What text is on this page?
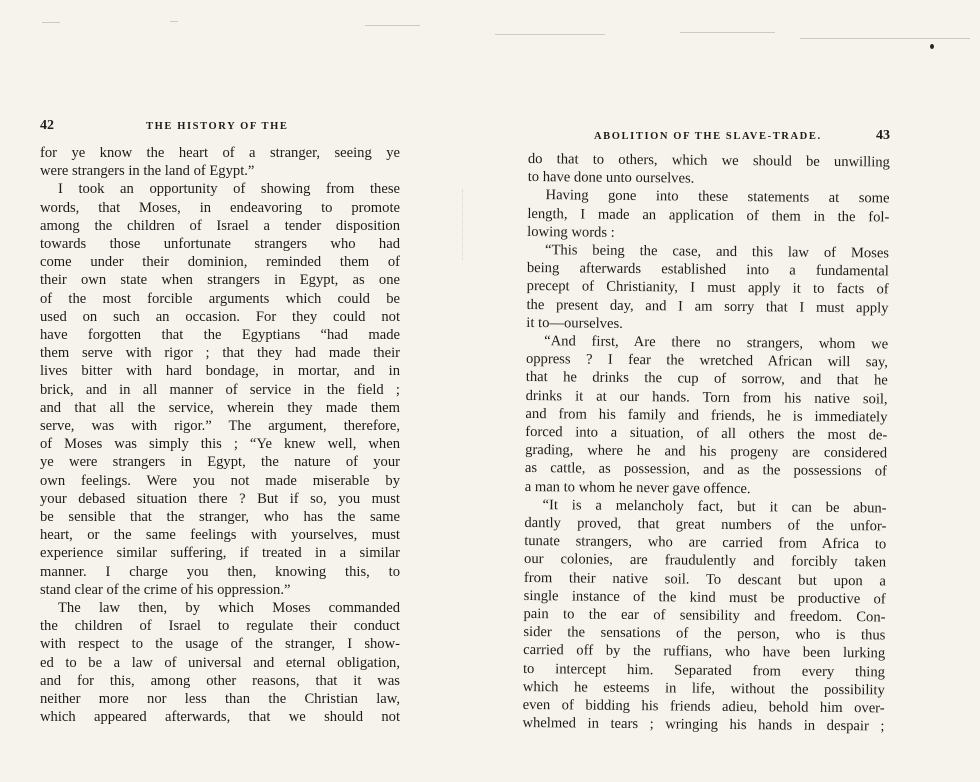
42	THE HISTORY OF THE
for ye know the heart of a stranger, seeing ye
were strangers in the land of Egypt.”
I took an opportunity of showing from these
words, that Moses, in endeavoring to promote
among the children of Israel a tender disposition
towards those unfortunate strangers who had
come under their dominion, reminded them of
their own state when strangers in Egypt, as one
of the most forcible arguments which could be
used on such an occasion. For they could not
have forgotten that the Egyptians “had made
them serve with rigor ; that they had made their
lives bitter with hard bondage, in mortar, and in
brick, and in all manner of service in the field ;
and that all the service, wherein they made them
serve, was with rigor.” The argument, therefore,
of Moses was simply this ; “Ye knew well, when
ye were strangers in Egypt, the nature of your
own feelings. Were you not made miserable by
your debased situation there ? But if so, you must
be sensible that the stranger, who has the same
heart, or the same feelings with yourselves, must
experience similar suffering, if treated in a similar
manner. I charge you then, knowing this, to
stand clear of the crime of his oppression.”
The law then, by which Moses commanded
the children of Israel to regulate their conduct
with respect to the usage of the stranger, I show-
ed to be a law of universal and eternal obligation,
and for this, among other reasons, that it was
neither more nor less than the Christian law,
which appeared afterwards, that we should not
ABOLITION OF THE SLAVE-TRADE.	43
do that to others, which we should be unwilling
to have done unto ourselves.
Having gone into these statements at some
length, I made an application of them in the fol-
lowing words :
“This being the case, and this law of Moses
being afterwards established into a fundamental
precept of Christianity, I must apply it to facts of
the present day, and I am sorry that I must apply
it to—ourselves.
“And first, Are there no strangers, whom we
oppress ? I fear the wretched African will say,
that he drinks the cup of sorrow, and that he
drinks it at our hands. Torn from his native soil,
and from his family and friends, he is immediately
forced into a situation, of all others the most de-
grading, where he and his progeny are considered
as cattle, as possession, and as the possessions of
a man to whom he never gave offence.
“It is a melancholy fact, but it can be abun-
dantly proved, that great numbers of the unfor-
tunate strangers, who are carried from Africa to
our colonies, are fraudulently and forcibly taken
from their native soil. To descant but upon a
single instance of the kind must be productive of
pain to the ear of sensibility and freedom. Con-
sider the sensations of the person, who is thus
carried off by the ruffians, who have been lurking
to intercept him. Separated from every thing
which he esteems in life, without the possibility
even of bidding his friends adieu, behold him over-
whelmed in tears ; wringing his hands in despair ;
